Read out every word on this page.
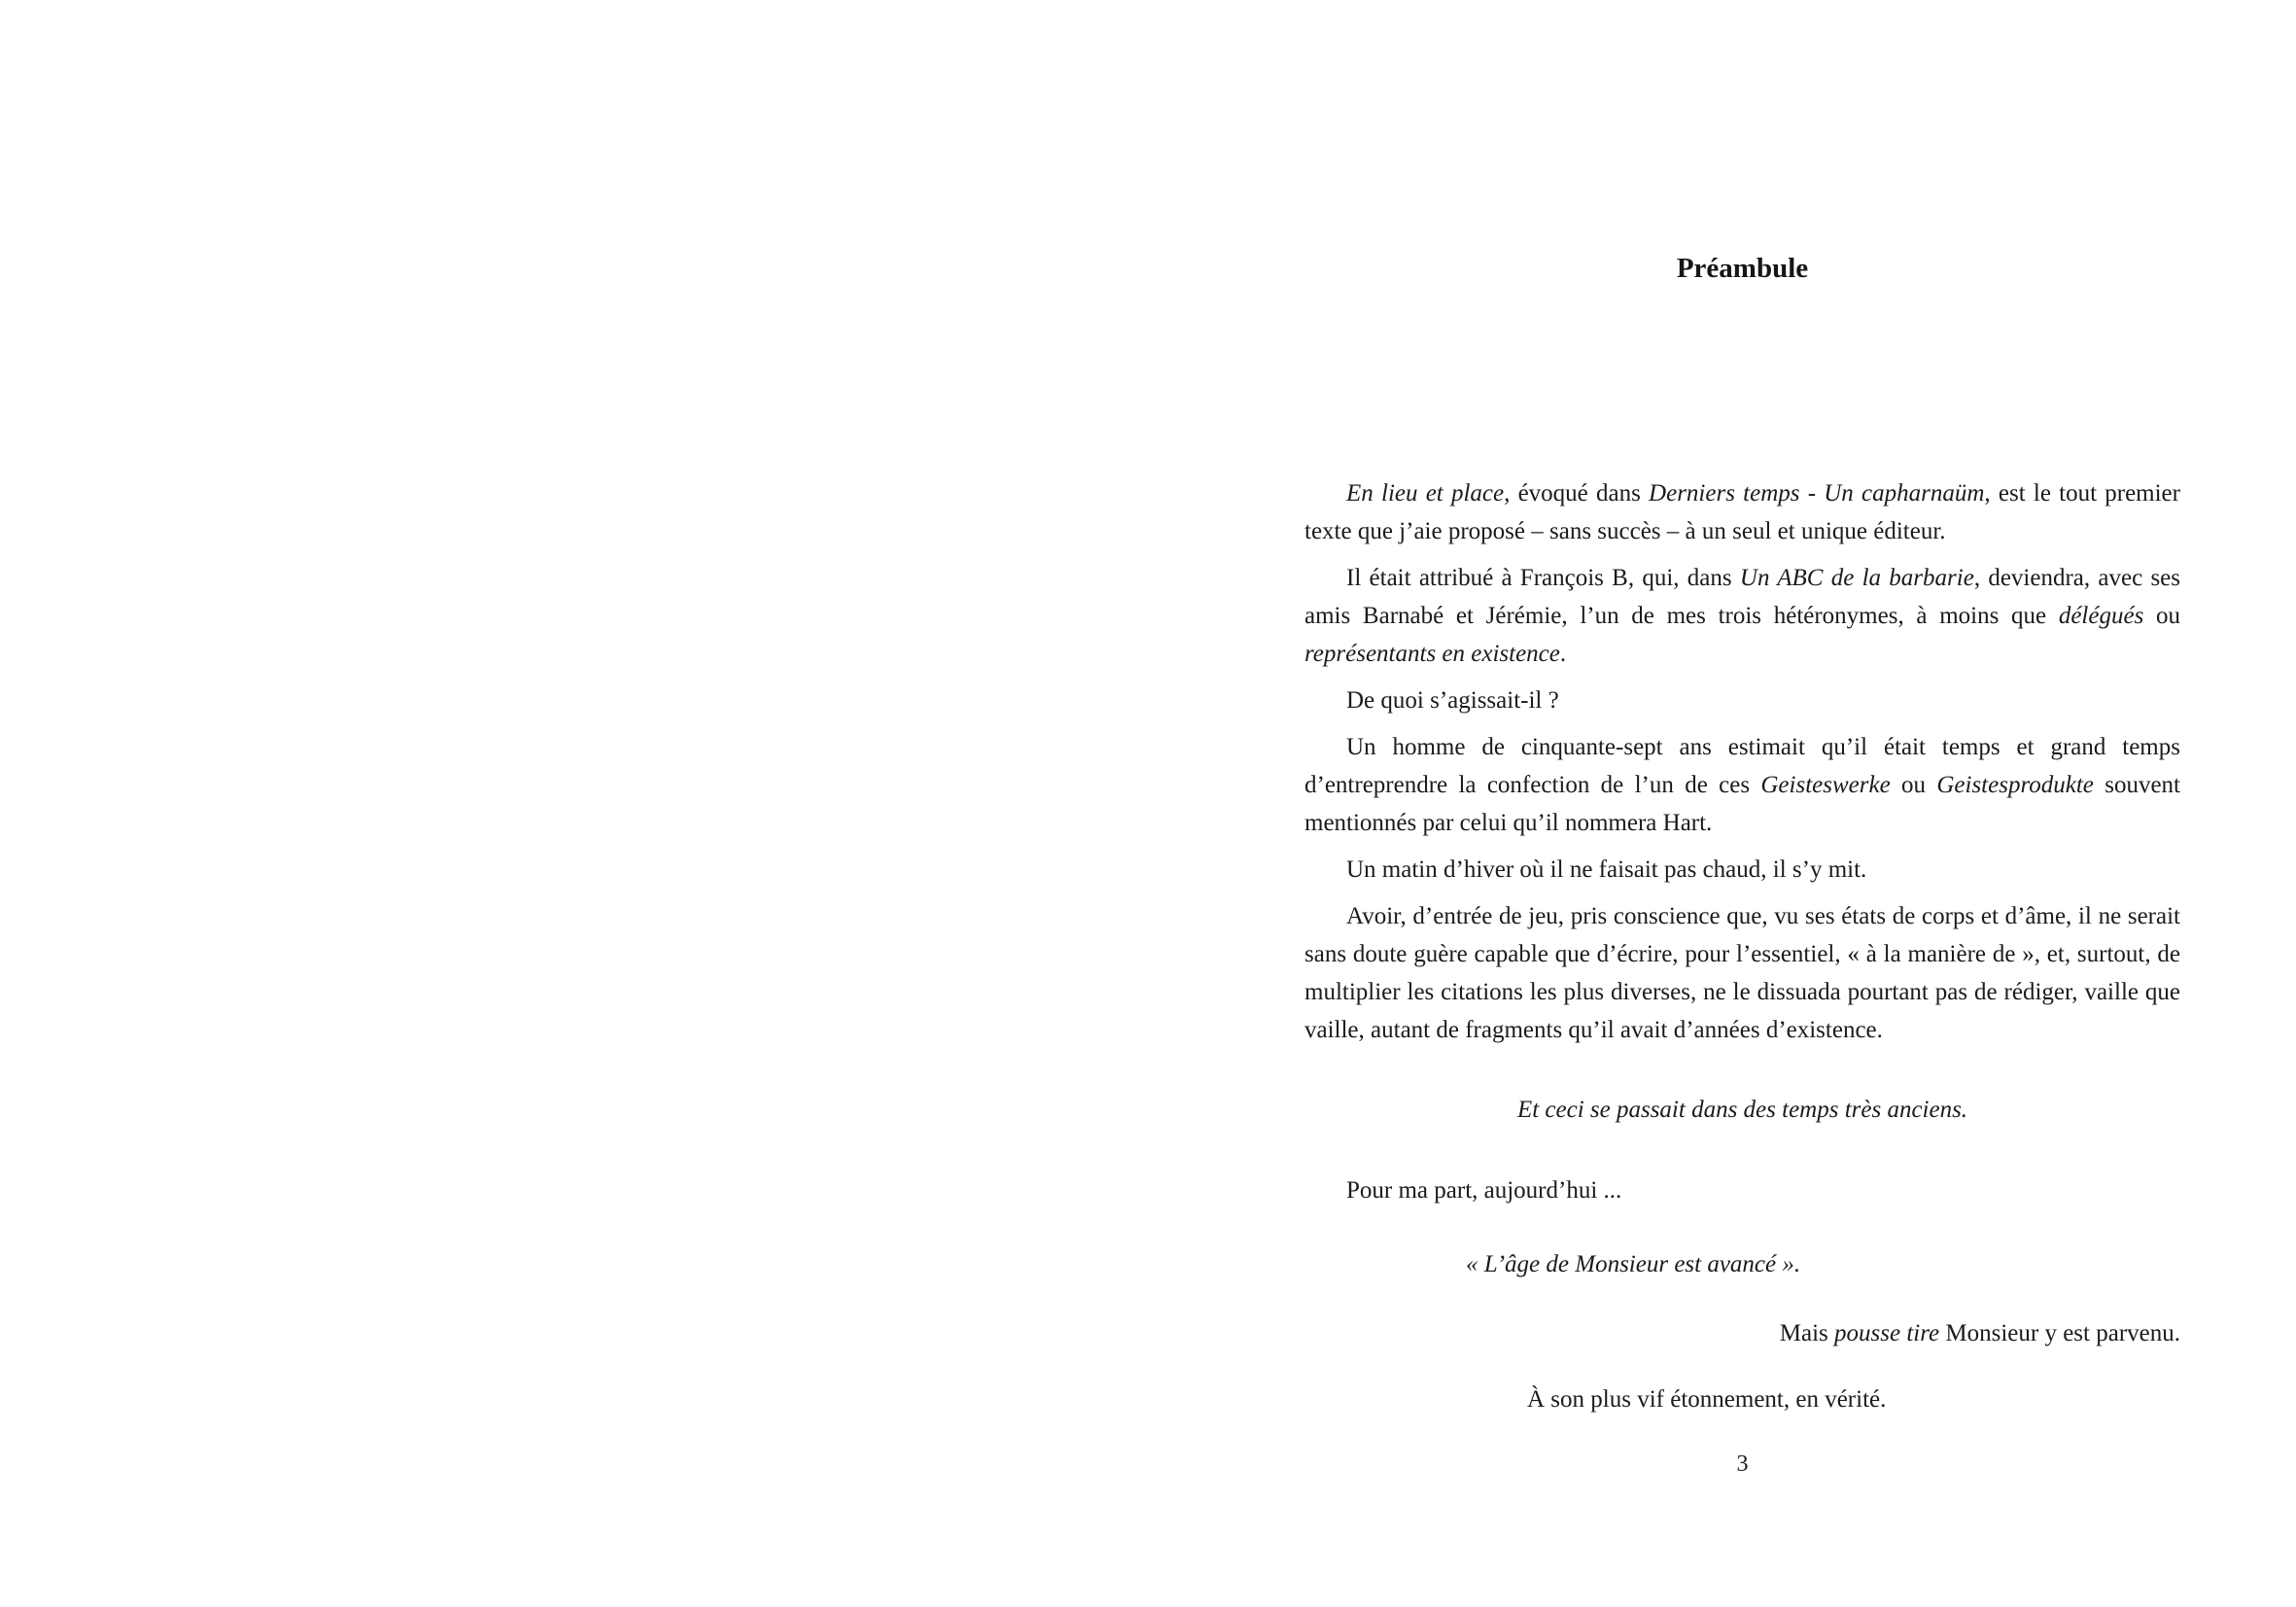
Préambule

En lieu et place, évoqué dans Derniers temps - Un capharnaüm, est le tout premier texte que j’aie proposé – sans succès – à un seul et unique éditeur.

Il était attribué à François B, qui, dans Un ABC de la barbarie, deviendra, avec ses amis Barnabé et Jérémie, l’un de mes trois hétéronymes, à moins que délégués ou représentants en existence.

De quoi s’agissait-il ?

Un homme de cinquante-sept ans estimait qu’il était temps et grand temps d’entreprendre la confection de l’un de ces Geisteswerke ou Geistesprodukte souvent mentionnés par celui qu’il nommera Hart.

Un matin d’hiver où il ne faisait pas chaud, il s’y mit.

Avoir, d’entrée de jeu, pris conscience que, vu ses états de corps et d’âme, il ne serait sans doute guère capable que d’écrire, pour l’essentiel, « à la manière de », et, surtout, de multiplier les citations les plus diverses, ne le dissuada pourtant pas de rédiger, vaille que vaille, autant de fragments qu’il avait d’années d’existence.

Et ceci se passait dans des temps très anciens.

Pour ma part, aujourd’hui ...

« L’âge de Monsieur est avancé ».

Mais pousse tire Monsieur y est parvenu.

À son plus vif étonnement, en vérité.

3
